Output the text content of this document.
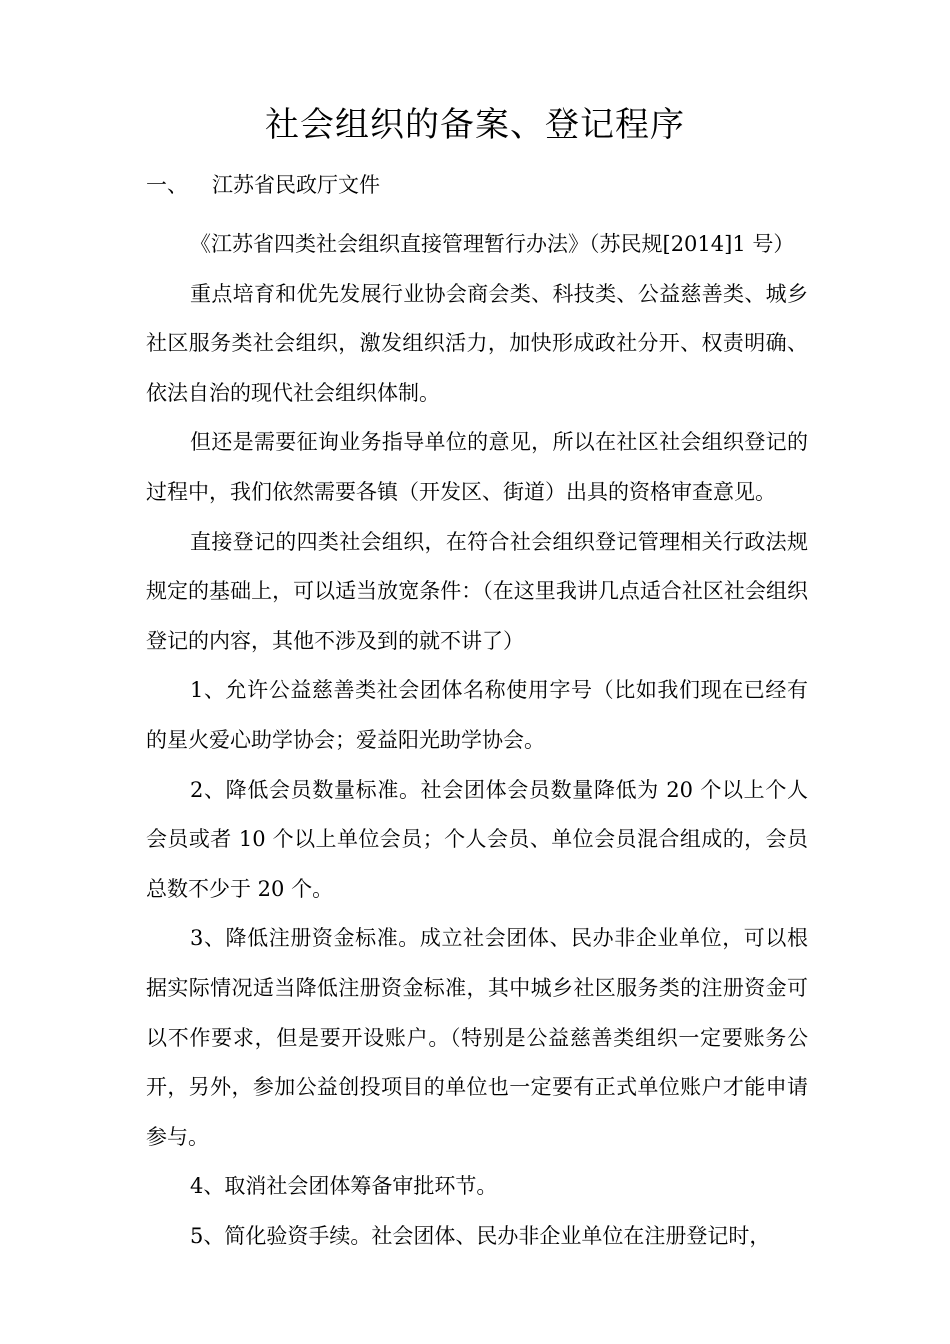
社会组织的备案、登记程序
一、 江苏省民政厅文件

《江苏省四类社会组织直接管理暂行办法》（苏民规[2014]1 号）

重点培育和优先发展行业协会商会类、科技类、公益慈善类、城乡社区服务类社会组织，激发组织活力，加快形成政社分开、权责明确、依法自治的现代社会组织体制。

但还是需要征询业务指导单位的意见，所以在社区社会组织登记的过程中，我们依然需要各镇（开发区、街道）出具的资格审查意见。

直接登记的四类社会组织，在符合社会组织登记管理相关行政法规规定的基础上，可以适当放宽条件：（在这里我讲几点适合社区社会组织登记的内容，其他不涉及到的就不讲了）

1、允许公益慈善类社会团体名称使用字号（比如我们现在已经有的星火爱心助学协会；爱益阳光助学协会。

2、降低会员数量标准。社会团体会员数量降低为 20 个以上个人会员或者 10 个以上单位会员；个人会员、单位会员混合组成的，会员总数不少于 20 个。

3、降低注册资金标准。成立社会团体、民办非企业单位，可以根据实际情况适当降低注册资金标准，其中城乡社区服务类的注册资金可以不作要求，但是要开设账户。（特别是公益慈善类组织一定要账务公开，另外，参加公益创投项目的单位也一定要有正式单位账户才能申请参与。

4、取消社会团体筹备审批环节。

5、简化验资手续。社会团体、民办非企业单位在注册登记时，
